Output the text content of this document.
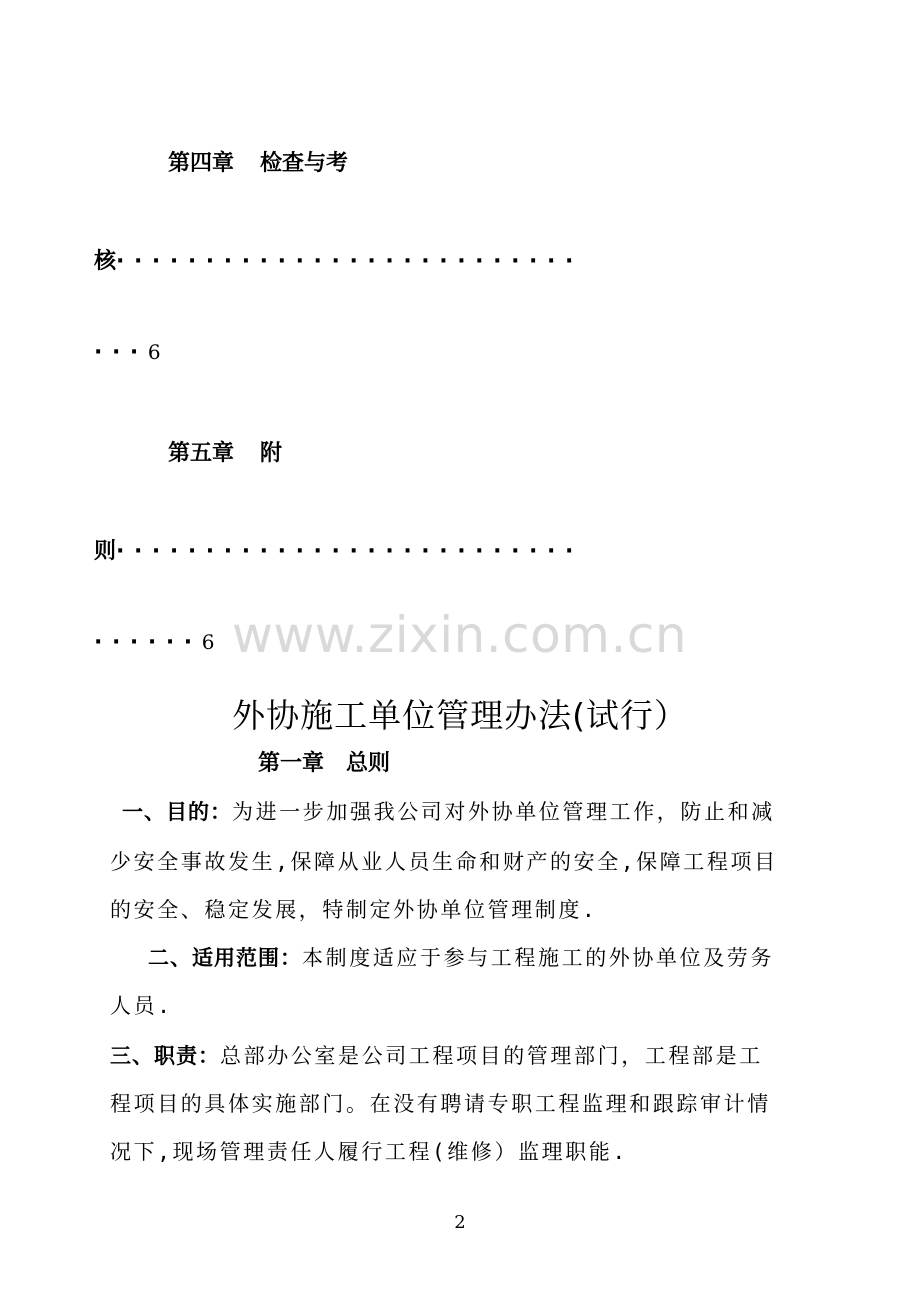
第四章 检查与考
核··························
···6
第五章 附
则··························
······6 www.zixin.com.cn
外协施工单位管理办法(试行）
第一章 总则
一、目的：为进一步加强我公司对外协单位管理工作，防止和减
少安全事故发生,保障从业人员生命和财产的安全,保障工程项目
的安全、稳定发展，特制定外协单位管理制度.
二、适用范围：本制度适应于参与工程施工的外协单位及劳务
人员.
三、职责：总部办公室是公司工程项目的管理部门，工程部是工
程项目的具体实施部门。在没有聘请专职工程监理和跟踪审计情
况下,现场管理责任人履行工程(维修）监理职能.
2
